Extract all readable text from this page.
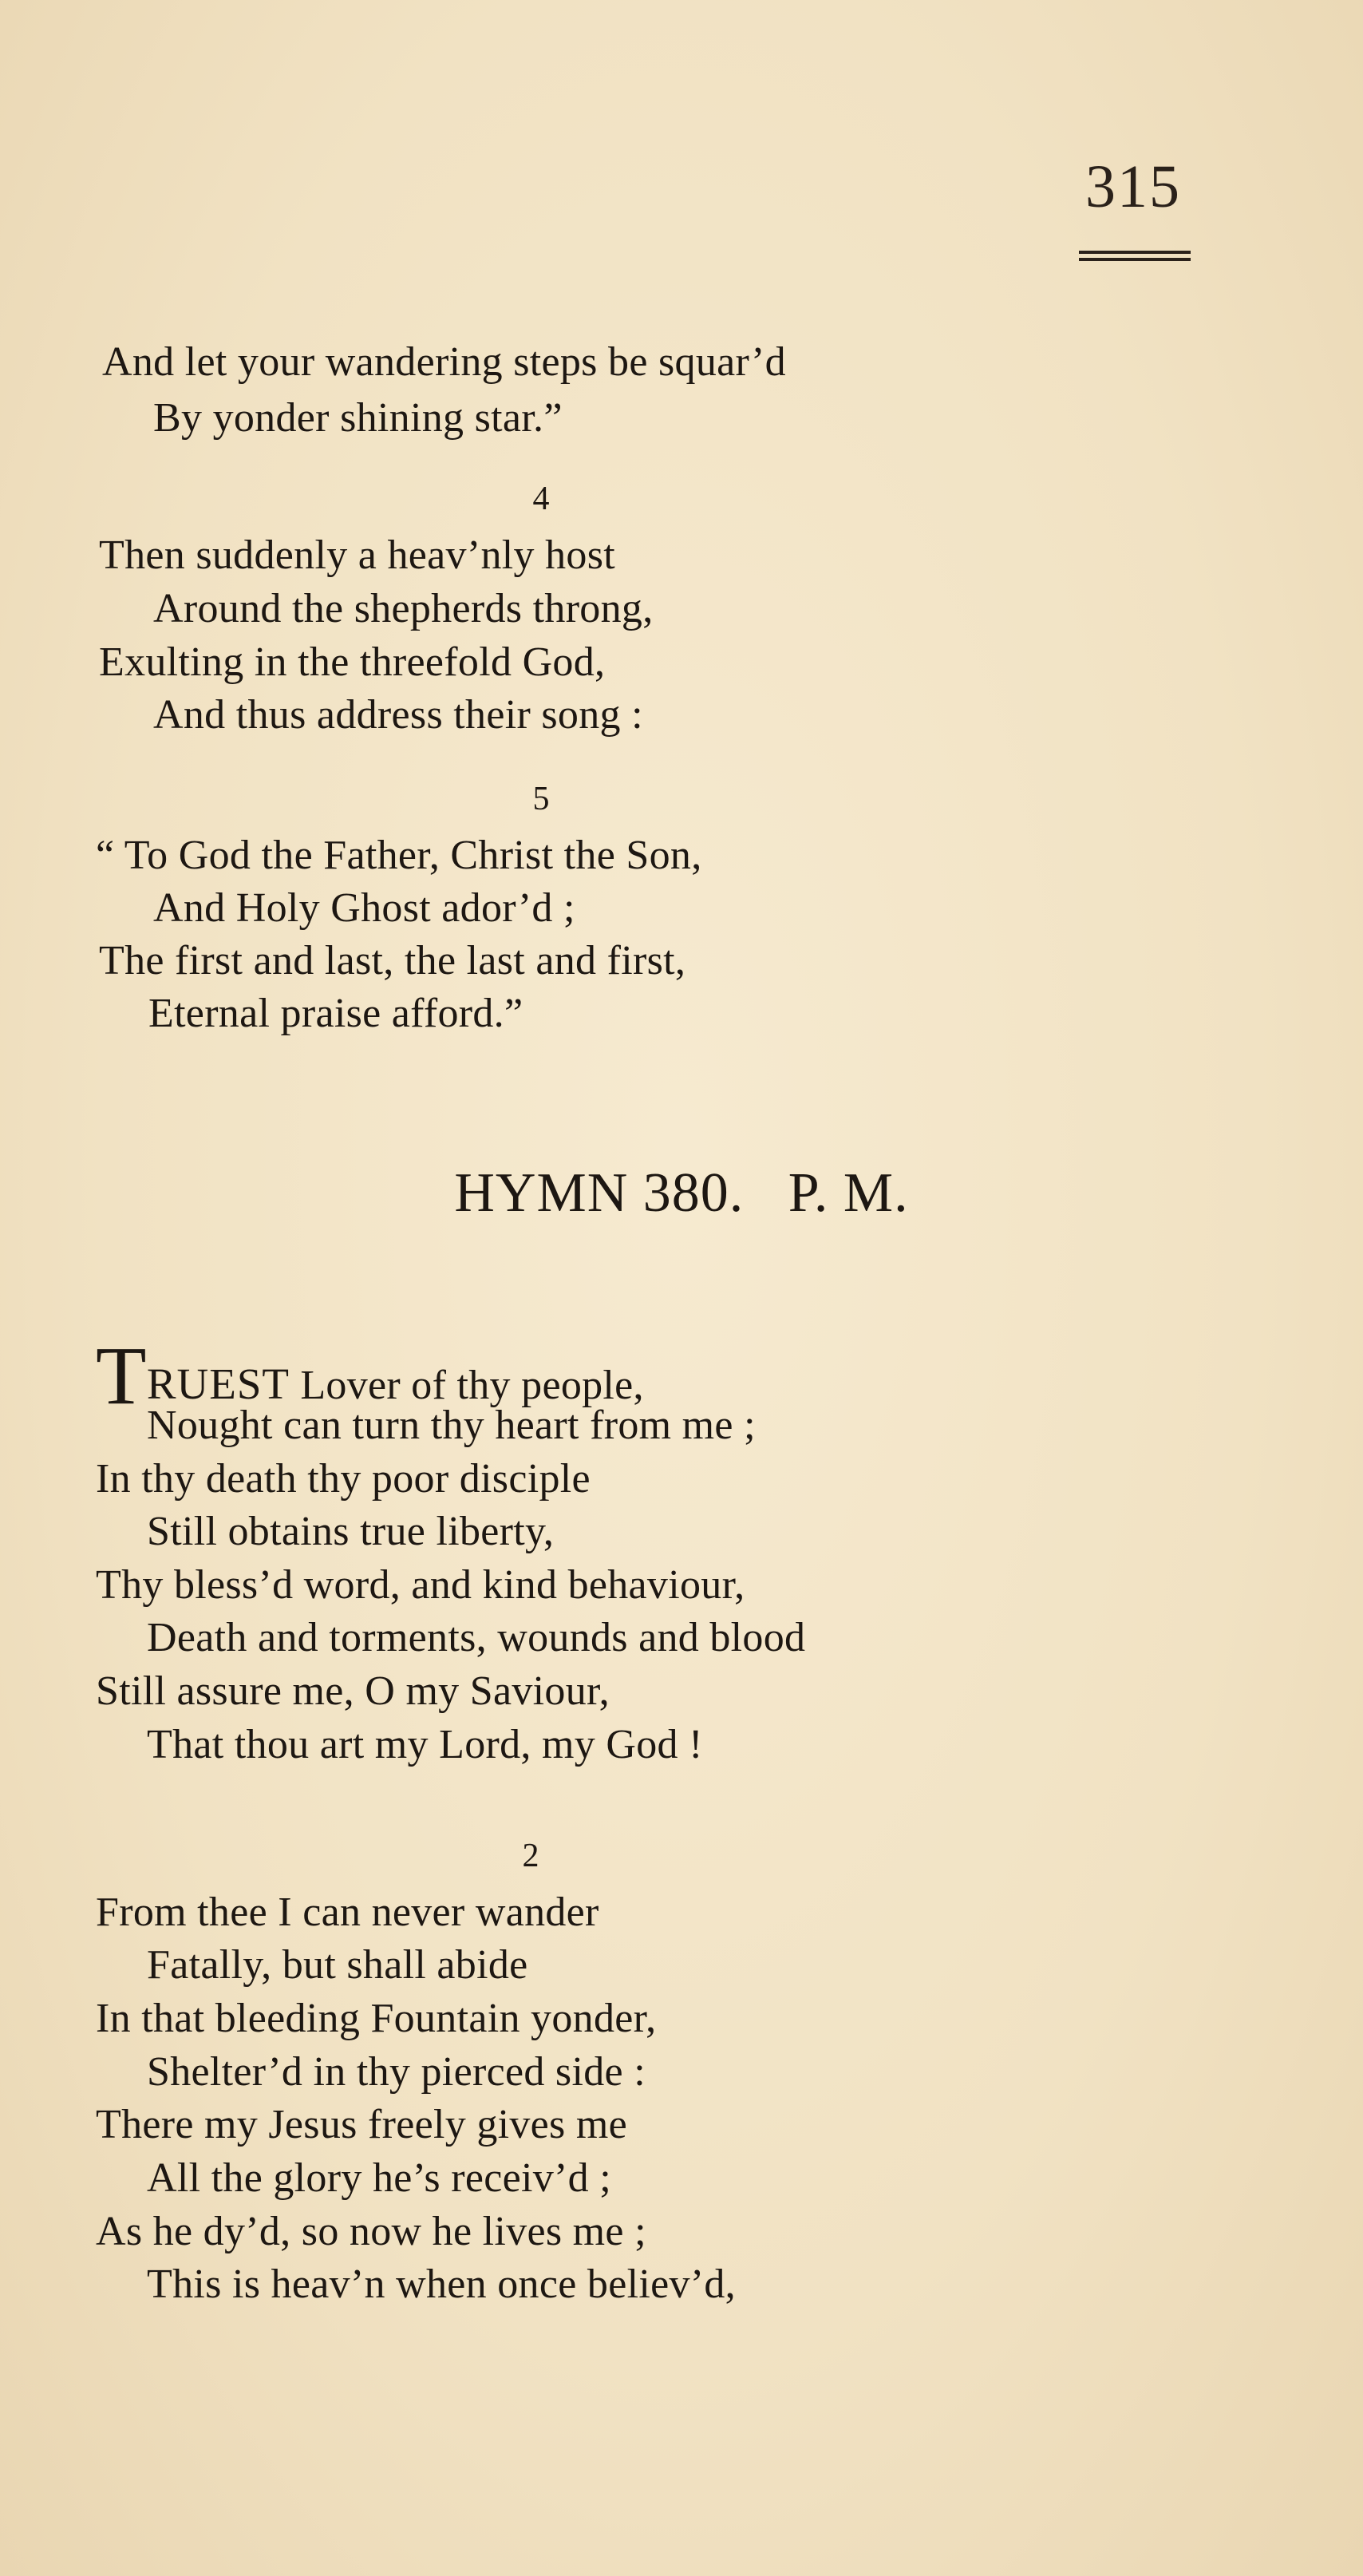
315
And let your wandering steps be squar’d
By yonder shining star.”
4
Then suddenly a heav’nly host
Around the shepherds throng,
Exulting in the threefold God,
And thus address their song :
5
“ To God the Father, Christ the Son,
And Holy Ghost ador’d ;
The first and last, the last and first,
Eternal praise afford.”
HYMN 380.   P. M.
TRUEST Lover of thy people,
Nought can turn thy heart from me ;
In thy death thy poor disciple
Still obtains true liberty,
Thy bless’d word, and kind behaviour,
Death and torments, wounds and blood
Still assure me, O my Saviour,
That thou art my Lord, my God !
2
From thee I can never wander
Fatally, but shall abide
In that bleeding Fountain yonder,
Shelter’d in thy pierced side :
There my Jesus freely gives me
All the glory he’s receiv’d ;
As he dy’d, so now he lives me ;
This is heav’n when once believ’d,
